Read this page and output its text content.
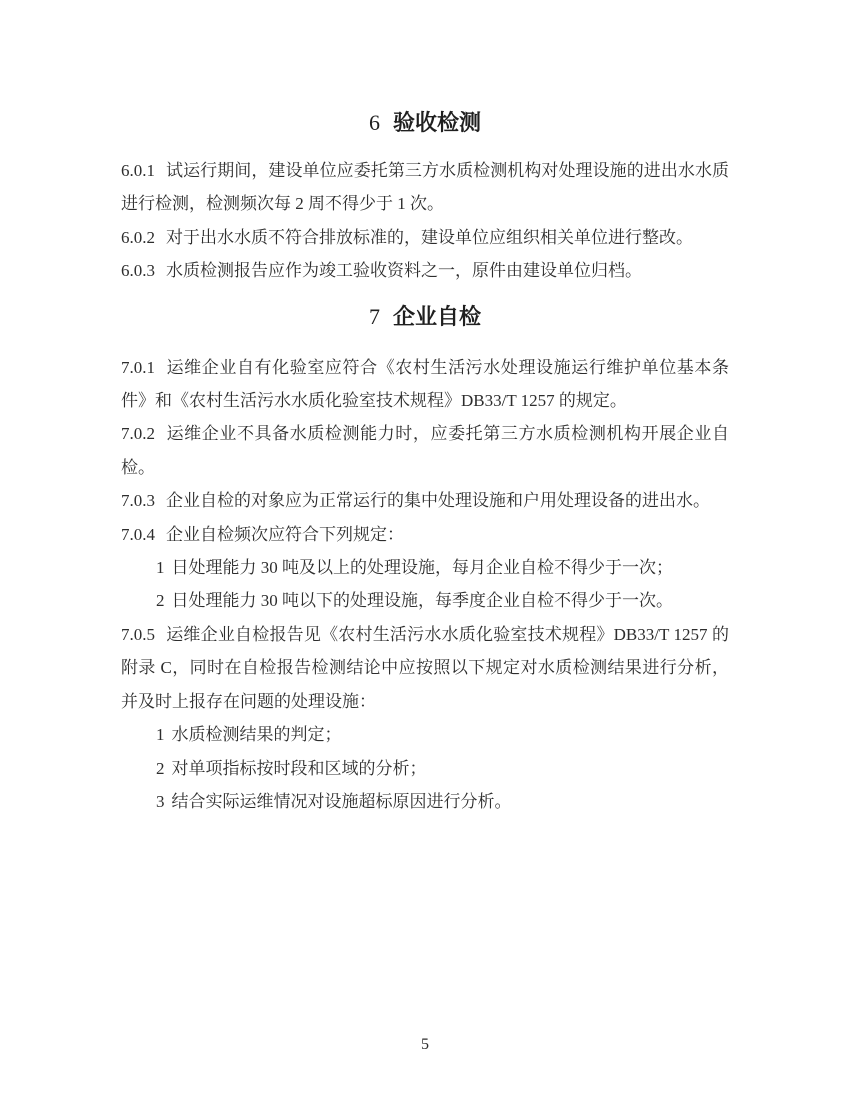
6 验收检测

6.0.1 试运行期间，建设单位应委托第三方水质检测机构对处理设施的进出水水质进行检测，检测频次每 2 周不得少于 1 次。

6.0.2 对于出水水质不符合排放标准的，建设单位应组织相关单位进行整改。

6.0.3 水质检测报告应作为竣工验收资料之一，原件由建设单位归档。

7 企业自检

7.0.1 运维企业自有化验室应符合《农村生活污水处理设施运行维护单位基本条件》和《农村生活污水水质化验室技术规程》DB33/T 1257 的规定。

7.0.2 运维企业不具备水质检测能力时，应委托第三方水质检测机构开展企业自检。

7.0.3 企业自检的对象应为正常运行的集中处理设施和户用处理设备的进出水。

7.0.4 企业自检频次应符合下列规定：

1 日处理能力 30 吨及以上的处理设施，每月企业自检不得少于一次；

2 日处理能力 30 吨以下的处理设施，每季度企业自检不得少于一次。

7.0.5 运维企业自检报告见《农村生活污水水质化验室技术规程》DB33/T 1257 的附录 C，同时在自检报告检测结论中应按照以下规定对水质检测结果进行分析，并及时上报存在问题的处理设施：

1 水质检测结果的判定；

2 对单项指标按时段和区域的分析；

3 结合实际运维情况对设施超标原因进行分析。

5
